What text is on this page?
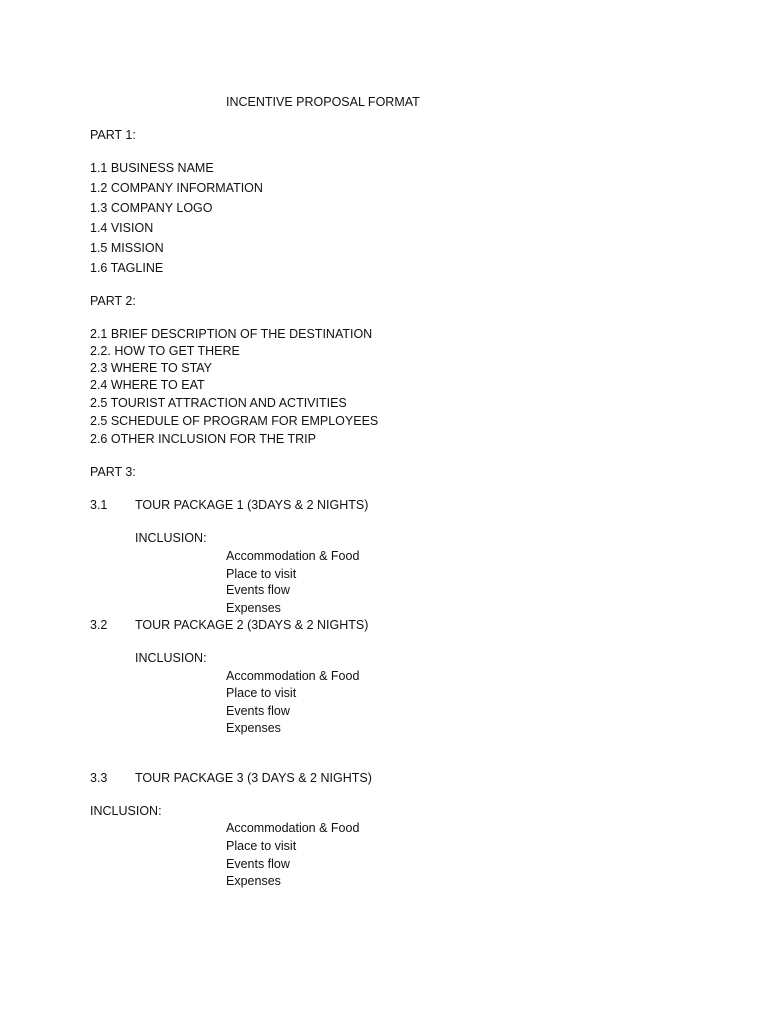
INCENTIVE PROPOSAL FORMAT
PART 1:
1.1 BUSINESS NAME
1.2 COMPANY INFORMATION
1.3 COMPANY LOGO
1.4 VISION
1.5 MISSION
1.6 TAGLINE
PART 2:
2.1 BRIEF DESCRIPTION OF THE DESTINATION
2.2. HOW TO GET THERE
2.3 WHERE TO STAY
2.4 WHERE TO EAT
2.5 TOURIST ATTRACTION AND ACTIVITIES
2.5 SCHEDULE OF PROGRAM FOR EMPLOYEES
2.6 OTHER INCLUSION FOR THE TRIP
PART 3:
3.1 TOUR PACKAGE 1 (3DAYS & 2 NIGHTS)
INCLUSION:
Accommodation & Food
Place to visit
Events flow
Expenses
3.2 TOUR PACKAGE 2 (3DAYS & 2 NIGHTS)
INCLUSION:
Accommodation & Food
Place to visit
Events flow
Expenses
3.3 TOUR PACKAGE 3 (3 DAYS & 2 NIGHTS)
INCLUSION:
Accommodation & Food
Place to visit
Events flow
Expenses
